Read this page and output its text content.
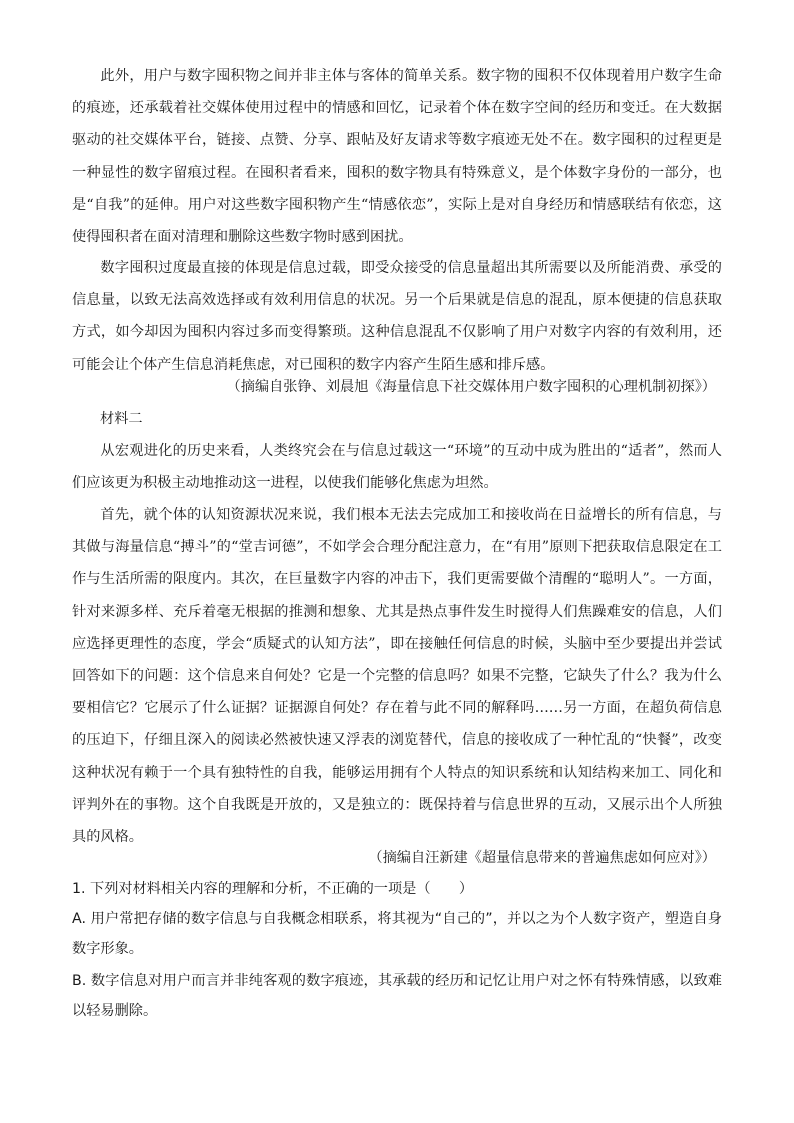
此外，用户与数字囤积物之间并非主体与客体的简单关系。数字物的囤积不仅体现着用户数字生命的痕迹，还承载着社交媒体使用过程中的情感和回忆，记录着个体在数字空间的经历和变迁。在大数据驱动的社交媒体平台，链接、点赞、分享、跟帖及好友请求等数字痕迹无处不在。数字囤积的过程更是一种显性的数字留痕过程。在囤积者看来，囤积的数字物具有特殊意义，是个体数字身份的一部分，也是“自我”的延伸。用户对这些数字囤积物产生“情感依恋”，实际上是对自身经历和情感联结有依恋，这使得囤积者在面对清理和删除这些数字物时感到困扰。

数字囤积过度最直接的体现是信息过载，即受众接受的信息量超出其所需要以及所能消费、承受的信息量，以致无法高效选择或有效利用信息的状况。另一个后果就是信息的混乱，原本便捷的信息获取方式，如今却因为囤积内容过多而变得繁琐。这种信息混乱不仅影响了用户对数字内容的有效利用，还可能会让个体产生信息消耗焦虑，对已囤积的数字内容产生陌生感和排斥感。

（摘编自张铮、刘晨旭《海量信息下社交媒体用户数字囤积的心理机制初探》）

材料二

从宏观进化的历史来看，人类终究会在与信息过载这一“环境”的互动中成为胜出的“适者”，然而人们应该更为积极主动地推动这一进程，以使我们能够化焦虑为坦然。

首先，就个体的认知资源状况来说，我们根本无法去完成加工和接收尚在日益增长的所有信息，与其做与海量信息“搏斗”的“堂吉诃德”，不如学会合理分配注意力，在“有用”原则下把获取信息限定在工作与生活所需的限度内。其次，在巨量数字内容的冲击下，我们更需要做个清醒的“聪明人”。一方面，针对来源多样、充斥着毫无根据的推测和想象、尤其是热点事件发生时搅得人们焦躁难安的信息，人们应选择更理性的态度，学会“质疑式的认知方法”，即在接触任何信息的时候，头脑中至少要提出并尝试回答如下的问题：这个信息来自何处？它是一个完整的信息吗？如果不完整，它缺失了什么？我为什么要相信它？它展示了什么证据？证据源自何处？存在着与此不同的解释吗……另一方面，在超负荷信息的压迫下，仔细且深入的阅读必然被快速又浮表的浏览替代，信息的接收成了一种忙乱的“快餐”，改变这种状况有赖于一个具有独特性的自我，能够运用拥有个人特点的知识系统和认知结构来加工、同化和评判外在的事物。这个自我既是开放的，又是独立的：既保持着与信息世界的互动，又展示出个人所独具的风格。

（摘编自汪新建《超量信息带来的普遍焦虑如何应对》）

1. 下列对材料相关内容的理解和分析，不正确的一项是（　　）

A. 用户常把存储的数字信息与自我概念相联系，将其视为“自己的”，并以之为个人数字资产，塑造自身数字形象。

B. 数字信息对用户而言并非纯客观的数字痕迹，其承载的经历和记忆让用户对之怀有特殊情感，以致难以轻易删除。
